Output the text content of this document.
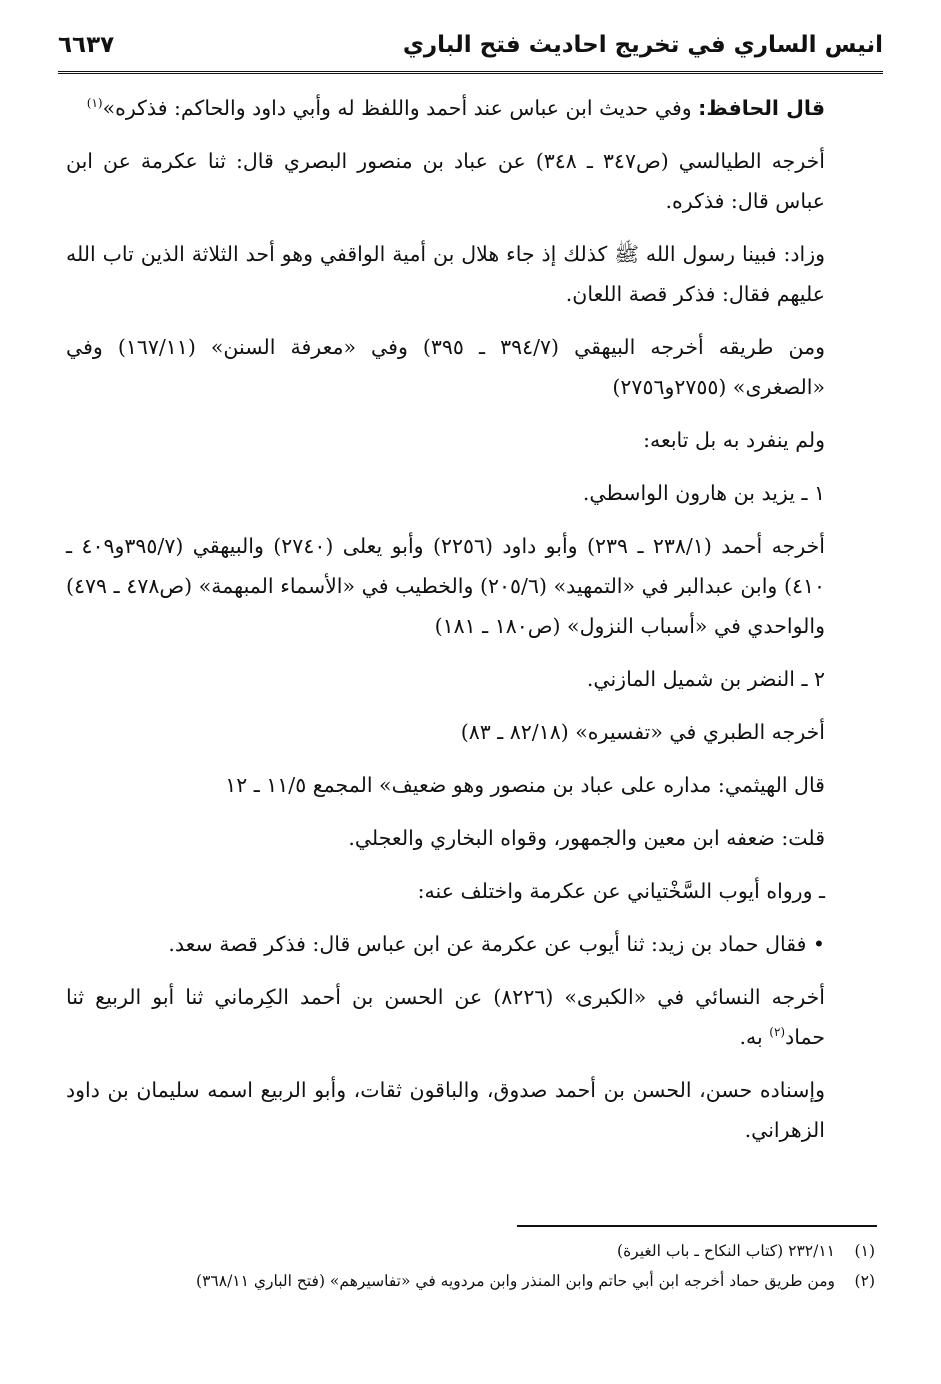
انيس الساري في تخريج احاديث فتح الباري
٦٦٣٧

قال الحافظ: وفي حديث ابن عباس عند أحمد واللفظ له وأبي داود والحاكم: فذكره»$^{(١)}$

أخرجه الطيالسي (ص٣٤٧ ـ ٣٤٨) عن عباد بن منصور البصري قال: ثنا عكرمة عن ابن عباس قال: فذكره.

وزاد: فبينا رسول الله ﷺ كذلك إذ جاء هلال بن أمية الواقفي وهو أحد الثلاثة الذين تاب الله عليهم فقال: فذكر قصة اللعان.

ومن طريقه أخرجه البيهقي (٣٩٤/٧ ـ ٣٩٥) وفي «معرفة السنن» (١٦٧/١١) وفي «الصغرى» (٢٧٥٥و٢٧٥٦)

ولم ينفرد به بل تابعه:

١ ـ يزيد بن هارون الواسطي.

أخرجه أحمد (٢٣٨/١ ـ ٢٣٩) وأبو داود (٢٢٥٦) وأبو يعلى (٢٧٤٠) والبيهقي (٣٩٥/٧و٤٠٩ ـ ٤١٠) وابن عبدالبر في «التمهيد» (٢٠٥/٦) والخطيب في «الأسماء المبهمة» (ص٤٧٨ ـ ٤٧٩) والواحدي في «أسباب النزول» (ص١٨٠ ـ ١٨١)

٢ ـ النضر بن شميل المازني.

أخرجه الطبري في «تفسيره» (٨٢/١٨ ـ ٨٣)

قال الهيثمي: مداره على عباد بن منصور وهو ضعيف» المجمع ١١/٥ ـ ١٢

قلت: ضعفه ابن معين والجمهور، وقواه البخاري والعجلي.

ـ ورواه أيوب السَّخْتياني عن عكرمة واختلف عنه:

• فقال حماد بن زيد: ثنا أيوب عن عكرمة عن ابن عباس قال: فذكر قصة سعد.

أخرجه النسائي في «الكبرى» (٨٢٢٦) عن الحسن بن أحمد الكِرماني ثنا أبو الربيع ثنا حماد$^{(٢)}$ به.

وإسناده حسن، الحسن بن أحمد صدوق، والباقون ثقات، وأبو الربيع اسمه سليمان بن داود الزهراني.

(١)٢٣٢/١١ (كتاب النكاح ـ باب الغيرة)

(٢)ومن طريق حماد أخرجه ابن أبي حاتم وابن المنذر وابن مردويه في «تفاسيرهم» (فتح الباري ٣٦٨/١١)
